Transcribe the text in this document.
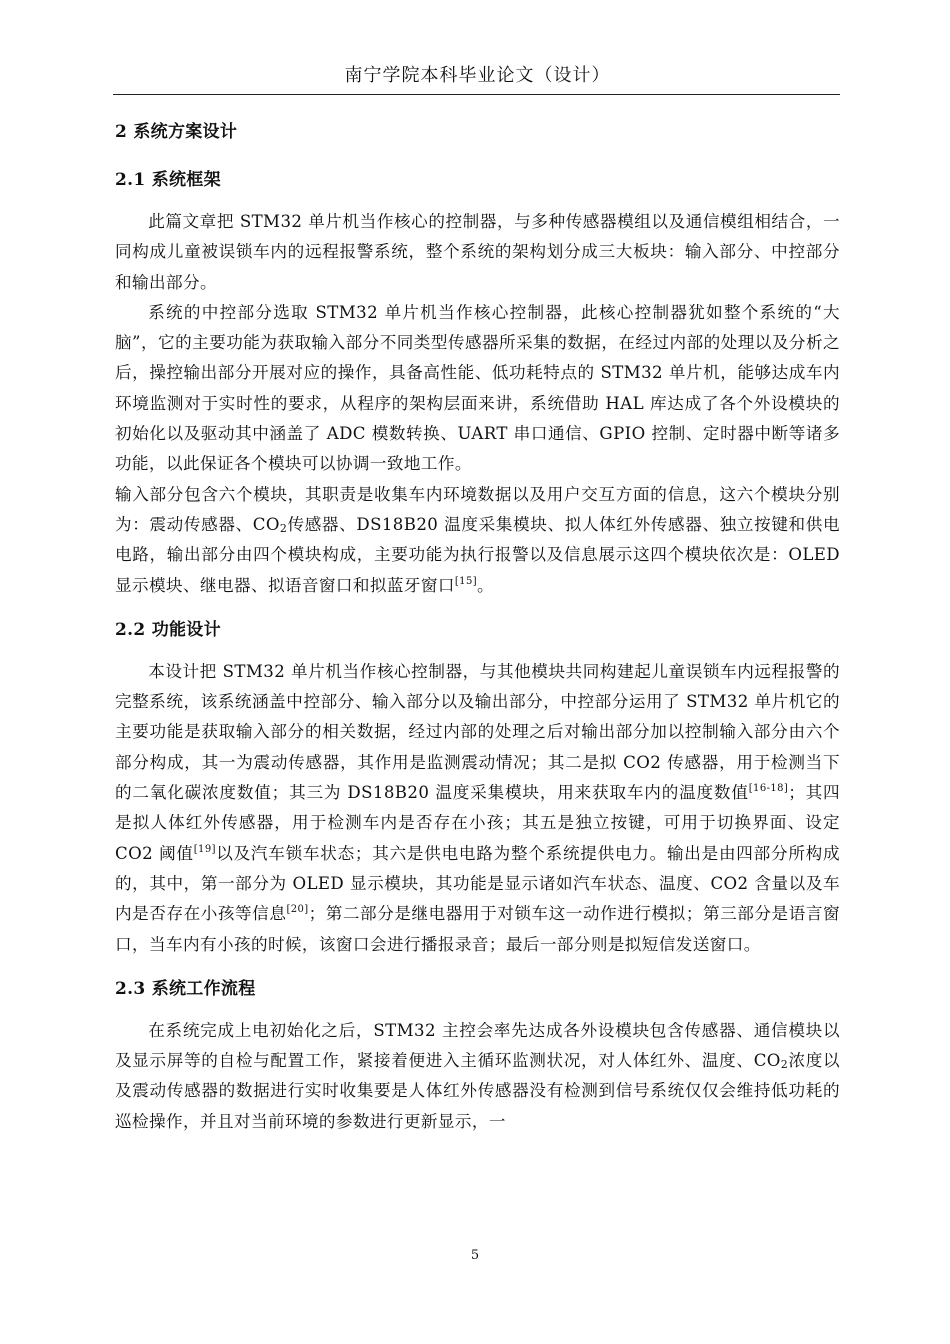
南宁学院本科毕业论文（设计）
2 系统方案设计
2.1 系统框架

此篇文章把 STM32 单片机当作核心的控制器，与多种传感器模组以及通信模组相结合，一同构成儿童被误锁车内的远程报警系统，整个系统的架构划分成三大板块：输入部分、中控部分和输出部分。

系统的中控部分选取 STM32 单片机当作核心控制器，此核心控制器犹如整个系统的“大脑”，它的主要功能为获取输入部分不同类型传感器所采集的数据，在经过内部的处理以及分析之后，操控输出部分开展对应的操作，具备高性能、低功耗特点的 STM32 单片机，能够达成车内环境监测对于实时性的要求，从程序的架构层面来讲，系统借助 HAL 库达成了各个外设模块的初始化以及驱动其中涵盖了 ADC 模数转换、UART 串口通信、GPIO 控制、定时器中断等诸多功能，以此保证各个模块可以协调一致地工作。

输入部分包含六个模块，其职责是收集车内环境数据以及用户交互方面的信息，这六个模块分别为：震动传感器、$CO_2$传感器、DS18B20 温度采集模块、拟人体红外传感器、独立按键和供电电路，输出部分由四个模块构成，主要功能为执行报警以及信息展示这四个模块依次是：OLED 显示模块、继电器、拟语音窗口和拟蓝牙窗口[15]。

2.2 功能设计

本设计把 STM32 单片机当作核心控制器，与其他模块共同构建起儿童误锁车内远程报警的完整系统，该系统涵盖中控部分、输入部分以及输出部分，中控部分运用了 STM32 单片机它的主要功能是获取输入部分的相关数据，经过内部的处理之后对输出部分加以控制输入部分由六个部分构成，其一为震动传感器，其作用是监测震动情况；其二是拟 CO2 传感器，用于检测当下的二氧化碳浓度数值；其三为 DS18B20 温度采集模块，用来获取车内的温度数值[16-18]；其四是拟人体红外传感器，用于检测车内是否存在小孩；其五是独立按键，可用于切换界面、设定 CO2 阈值[19]以及汽车锁车状态；其六是供电电路为整个系统提供电力。输出是由四部分所构成的，其中，第一部分为 OLED 显示模块，其功能是显示诸如汽车状态、温度、CO2 含量以及车内是否存在小孩等信息[20]；第二部分是继电器用于对锁车这一动作进行模拟；第三部分是语言窗口，当车内有小孩的时候，该窗口会进行播报录音；最后一部分则是拟短信发送窗口。

2.3 系统工作流程

在系统完成上电初始化之后，STM32 主控会率先达成各外设模块包含传感器、通信模块以及显示屏等的自检与配置工作，紧接着便进入主循环监测状况，对人体红外、温度、$CO_2$浓度以及震动传感器的数据进行实时收集要是人体红外传感器没有检测到信号系统仅仅会维持低功耗的巡检操作，并且对当前环境的参数进行更新显示，一

5
